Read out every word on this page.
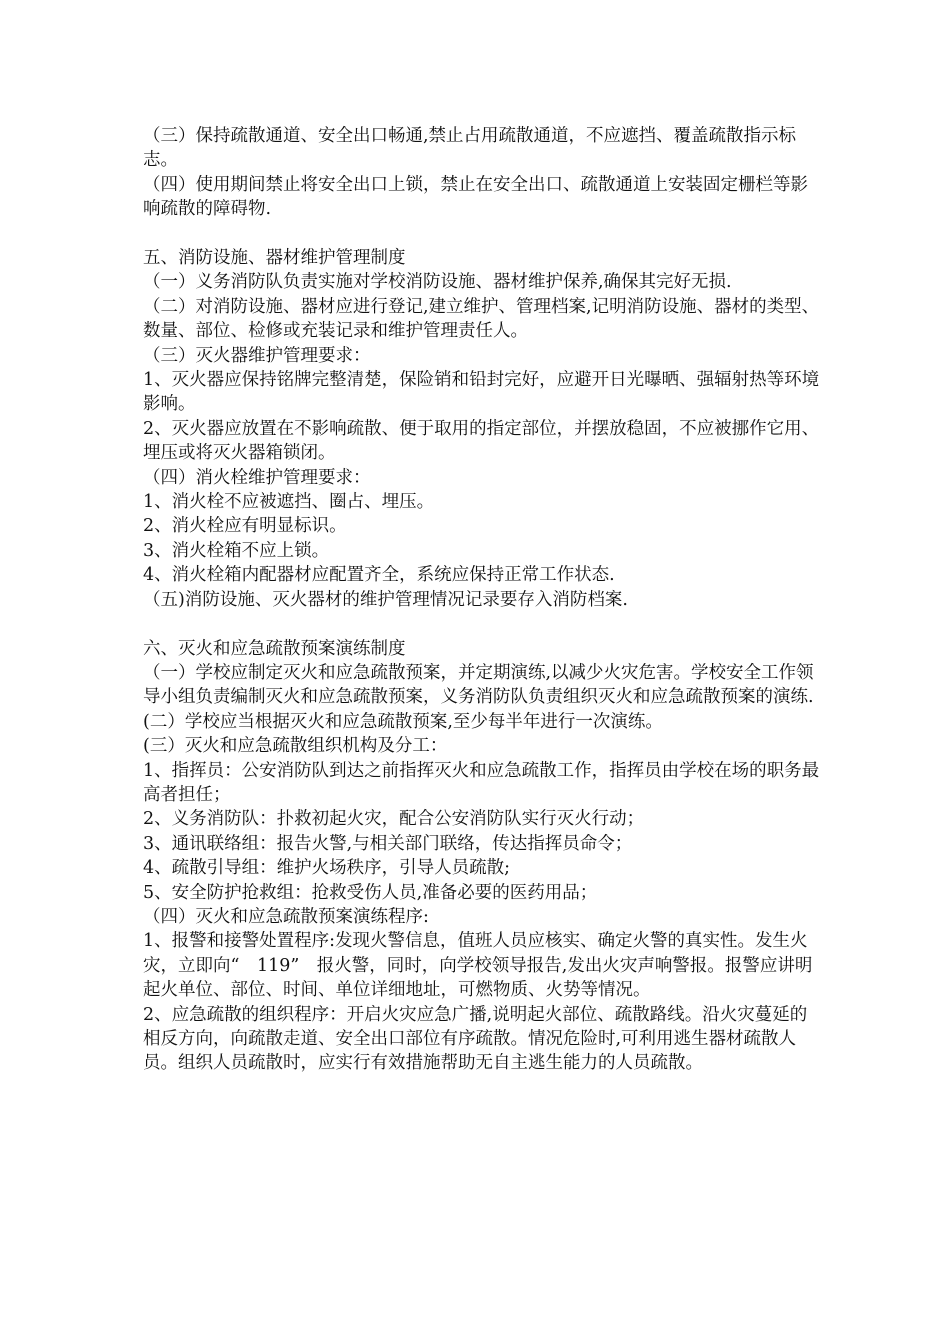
（三）保持疏散通道、安全出口畅通,禁止占用疏散通道，不应遮挡、覆盖疏散指示标志。

（四）使用期间禁止将安全出口上锁，禁止在安全出口、疏散通道上安装固定栅栏等影响疏散的障碍物.

五、消防设施、器材维护管理制度

（一）义务消防队负责实施对学校消防设施、器材维护保养,确保其完好无损.

（二）对消防设施、器材应进行登记,建立维护、管理档案,记明消防设施、器材的类型、数量、部位、检修或充装记录和维护管理责任人。

（三）灭火器维护管理要求：

1、灭火器应保持铭牌完整清楚，保险销和铅封完好，应避开日光曝晒、强辐射热等环境影响。

2、灭火器应放置在不影响疏散、便于取用的指定部位，并摆放稳固，不应被挪作它用、埋压或将灭火器箱锁闭。

（四）消火栓维护管理要求：

1、消火栓不应被遮挡、圈占、埋压。

2、消火栓应有明显标识。

3、消火栓箱不应上锁。

4、消火栓箱内配器材应配置齐全，系统应保持正常工作状态.

（五)消防设施、灭火器材的维护管理情况记录要存入消防档案.

六、灭火和应急疏散预案演练制度

（一）学校应制定灭火和应急疏散预案，并定期演练,以减少火灾危害。学校安全工作领导小组负责编制灭火和应急疏散预案，义务消防队负责组织灭火和应急疏散预案的演练.

(二）学校应当根据灭火和应急疏散预案,至少每半年进行一次演练。

(三）灭火和应急疏散组织机构及分工：

1、指挥员：公安消防队到达之前指挥灭火和应急疏散工作，指挥员由学校在场的职务最高者担任；

2、义务消防队：扑救初起火灾，配合公安消防队实行灭火行动；

3、通讯联络组：报告火警,与相关部门联络，传达指挥员命令；

4、疏散引导组：维护火场秩序，引导人员疏散;

5、安全防护抢救组：抢救受伤人员,准备必要的医药用品；

（四）灭火和应急疏散预案演练程序:

1、报警和接警处置程序:发现火警信息，值班人员应核实、确定火警的真实性。发生火灾，立即向“　119”　报火警，同时，向学校领导报告,发出火灾声响警报。报警应讲明起火单位、部位、时间、单位详细地址，可燃物质、火势等情况。

2、应急疏散的组织程序：开启火灾应急广播,说明起火部位、疏散路线。沿火灾蔓延的相反方向，向疏散走道、安全出口部位有序疏散。情况危险时,可利用逃生器材疏散人员。组织人员疏散时，应实行有效措施帮助无自主逃生能力的人员疏散。
